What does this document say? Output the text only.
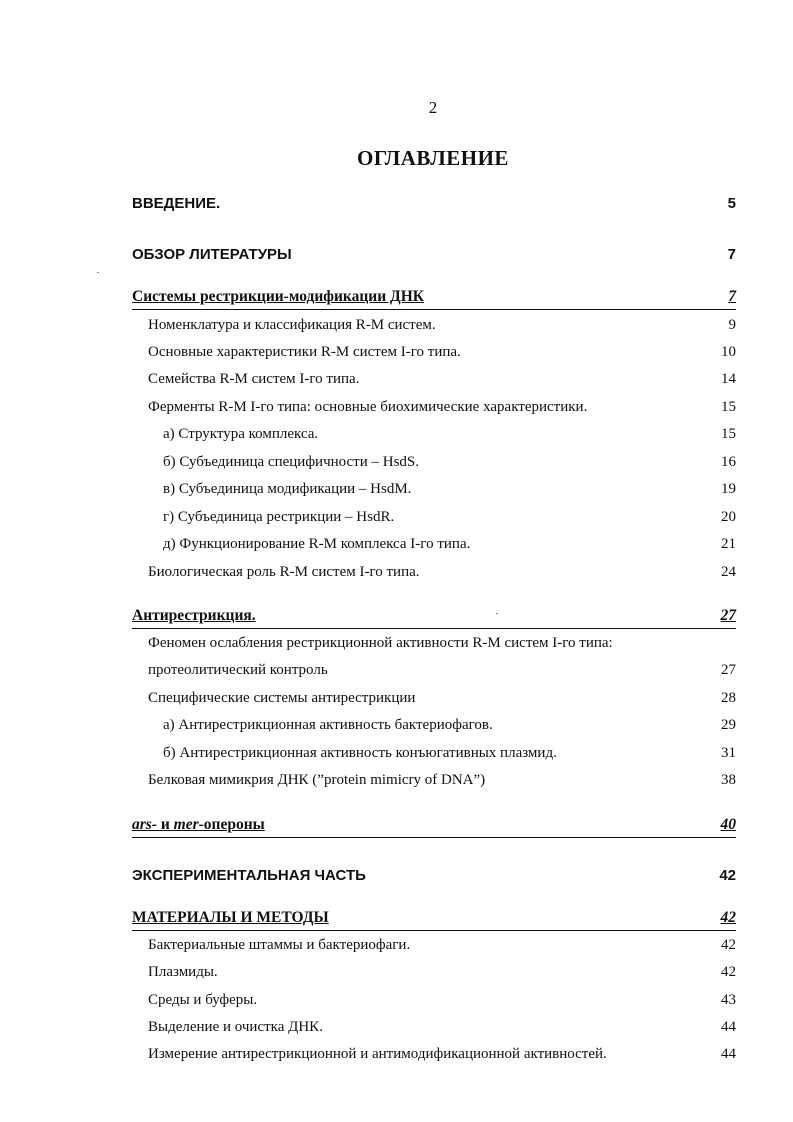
2
ОГЛАВЛЕНИЕ
ВВЕДЕНИЕ.	5
ОБЗОР ЛИТЕРАТУРЫ	7
Системы рестрикции-модификации ДНК	7
Номенклатура и классификация R-M систем.	9
Основные характеристики R-M систем I-го типа.	10
Семейства R-M систем I-го типа.	14
Ферменты R-M I-го типа: основные биохимические характеристики.	15
а) Структура комплекса.	15
б) Субъединица специфичности – HsdS.	16
в) Субъединица модификации – HsdM.	19
г) Субъединица рестрикции – HsdR.	20
д) Функционирование R-M комплекса I-го типа.	21
Биологическая роль R-M систем I-го типа.	24
Антирестрикция.	27
Феномен ослабления рестрикционной активности R-M систем I-го типа:
протеолитический контроль	27
Специфические системы антирестрикции	28
а) Антирестрикционная активность бактериофагов.	29
б) Антирестрикционная активность конъюгативных плазмид.	31
Белковая мимикрия ДНК (”protein mimicry of DNA”)	38
ars- и mer-опероны	40
ЭКСПЕРИМЕНТАЛЬНАЯ ЧАСТЬ	42
МАТЕРИАЛЫ И МЕТОДЫ	42
Бактериальные штаммы и бактериофаги.	42
Плазмиды.	42
Среды и буферы.	43
Выделение и очистка ДНК.	44
Измерение антирестрикционной и антимодификационной активностей.	44
